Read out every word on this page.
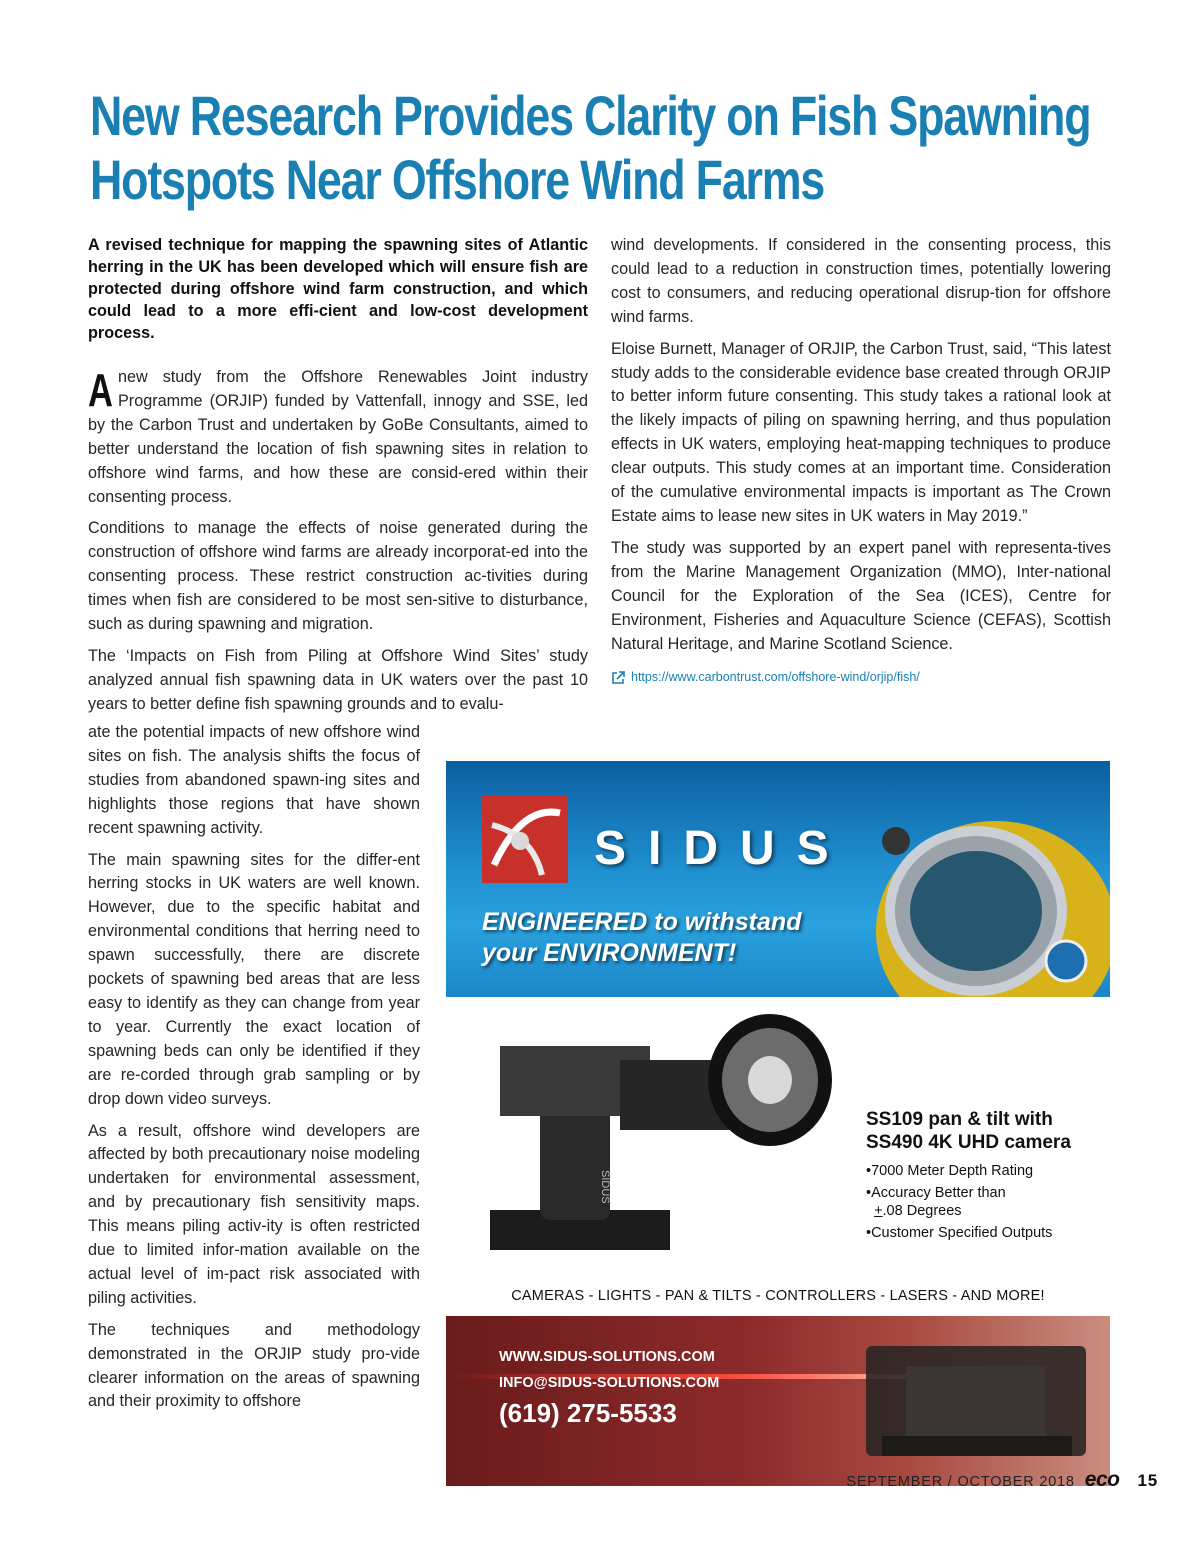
New Research Provides Clarity on Fish Spawning Hotspots Near Offshore Wind Farms

A revised technique for mapping the spawning sites of Atlantic herring in the UK has been developed which will ensure fish are protected during offshore wind farm construction, and which could lead to a more effi-cient and low-cost development process.

Anew study from the Offshore Renewables Joint industry Programme (ORJIP) funded by Vattenfall, innogy and SSE, led by the Carbon Trust and undertaken by GoBe Consultants, aimed to better understand the location of fish spawning sites in relation to offshore wind farms, and how these are consid-ered within their consenting process.

Conditions to manage the effects of noise generated during the construction of offshore wind farms are already incorporat-ed into the consenting process. These restrict construction ac-tivities during times when fish are considered to be most sen-sitive to disturbance, such as during spawning and migration.

The ‘Impacts on Fish from Piling at Offshore Wind Sites’ study analyzed annual fish spawning data in UK waters over the past 10 years to better define fish spawning grounds and to evalu-

ate the potential impacts of new offshore wind sites on fish. The analysis shifts the focus of studies from abandoned spawn-ing sites and highlights those regions that have shown recent spawning activity.

The main spawning sites for the differ-ent herring stocks in UK waters are well known. However, due to the specific habitat and environmental conditions that herring need to spawn successfully, there are discrete pockets of spawning bed areas that are less easy to identify as they can change from year to year. Currently the exact location of spawning beds can only be identified if they are re-corded through grab sampling or by drop down video surveys.

As a result, offshore wind developers are affected by both precautionary noise modeling undertaken for environmental assessment, and by precautionary fish sensitivity maps. This means piling activ-ity is often restricted due to limited infor-mation available on the actual level of im-pact risk associated with piling activities.

The techniques and methodology demonstrated in the ORJIP study pro-vide clearer information on the areas of spawning and their proximity to offshore

wind developments. If considered in the consenting process, this could lead to a reduction in construction times, potentially lowering cost to consumers, and reducing operational disrup-tion for offshore wind farms.

Eloise Burnett, Manager of ORJIP, the Carbon Trust, said, “This latest study adds to the considerable evidence base created through ORJIP to better inform future consenting. This study takes a rational look at the likely impacts of piling on spawning herring, and thus population effects in UK waters, employing heat-mapping techniques to produce clear outputs. This study comes at an important time. Consideration of the cumulative environmental impacts is important as The Crown Estate aims to lease new sites in UK waters in May 2019.”

The study was supported by an expert panel with representa-tives from the Marine Management Organization (MMO), Inter-national Council for the Exploration of the Sea (ICES), Centre for Environment, Fisheries and Aquaculture Science (CEFAS), Scottish Natural Heritage, and Marine Scotland Science.

https://www.carbontrust.com/offshore-wind/orjip/fish/
SIDUS
ENGINEERED to withstand
your ENVIRONMENT!
SIDUS
SS109 pan & tilt with
SS490 4K UHD camera
• 7000 Meter Depth Rating
• Accuracy Better than
+.08 Degrees
• Customer Specified Outputs
CAMERAS - LIGHTS - PAN & TILTS - CONTROLLERS - LASERS - AND MORE!
WWW.SIDUS-SOLUTIONS.COM
INFO@SIDUS-SOLUTIONS.COM
(619) 275-5533
SEPTEMBER / OCTOBER 2018 eco 15
